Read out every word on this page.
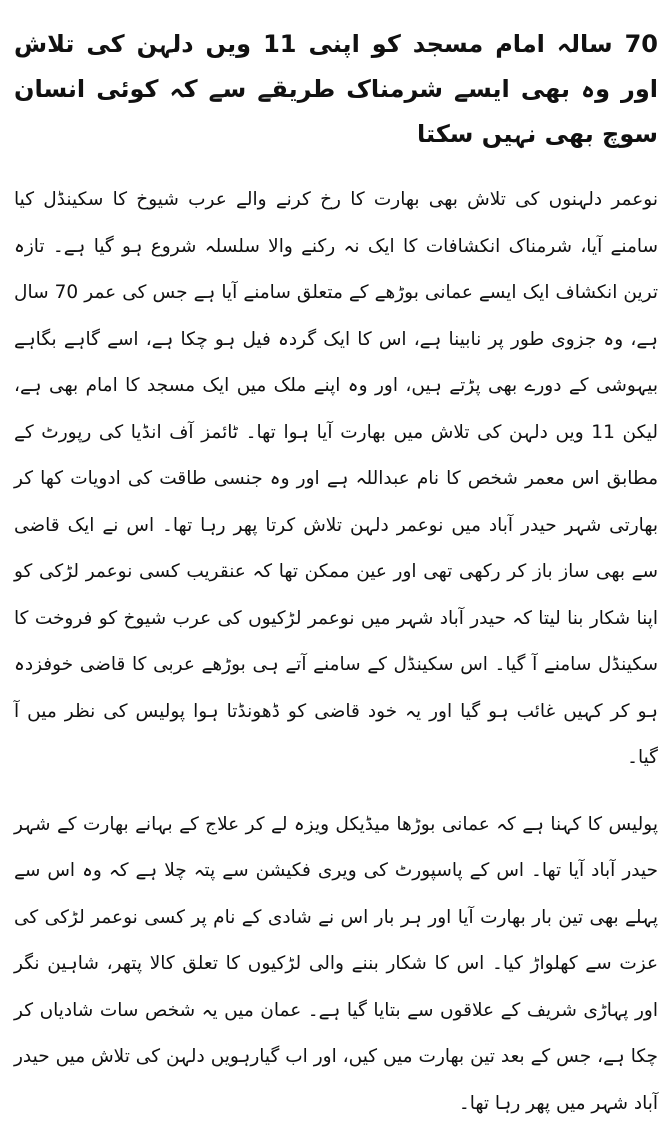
70 سالہ امام مسجد کو اپنی 11 ویں دلہن کی تلاش اور وہ بھی ایسے شرمناک طریقے سے کہ کوئی انسان سوچ بھی نہیں سکتا

نوعمر دلہنوں کی تلاش بھی بھارت کا رخ کرنے والے عرب شیوخ کا سکینڈل کیا سامنے آیا، شرمناک انکشافات کا ایک نہ رکنے والا سلسلہ شروع ہو گیا ہے۔ تازہ ترین انکشاف ایک ایسے عمانی بوڑھے کے متعلق سامنے آیا ہے جس کی عمر 70 سال ہے، وہ جزوی طور پر نابینا ہے، اس کا ایک گردہ فیل ہو چکا ہے، اسے گاہے بگاہے بیہوشی کے دورے بھی پڑتے ہیں، اور وہ اپنے ملک میں ایک مسجد کا امام بھی ہے، لیکن 11 ویں دلہن کی تلاش میں بھارت آیا ہوا تھا۔ ٹائمز آف انڈیا کی رپورٹ کے مطابق اس معمر شخص کا نام عبداللہ ہے اور وہ جنسی طاقت کی ادویات کھا کر بھارتی شہر حیدر آباد میں نوعمر دلہن تلاش کرتا پھر رہا تھا۔ اس نے ایک قاضی سے بھی ساز باز کر رکھی تھی اور عین ممکن تھا کہ عنقریب کسی نوعمر لڑکی کو اپنا شکار بنا لیتا کہ حیدر آباد شہر میں نوعمر لڑکیوں کی عرب شیوخ کو فروخت کا سکینڈل سامنے آ گیا۔ اس سکینڈل کے سامنے آتے ہی بوڑھے عربی کا قاضی خوفزدہ ہو کر کہیں غائب ہو گیا اور یہ خود قاضی کو ڈھونڈتا ہوا پولیس کی نظر میں آ گیا۔

پولیس کا کہنا ہے کہ عمانی بوڑھا میڈیکل ویزہ لے کر علاج کے بہانے بھارت کے شہر حیدر آباد آیا تھا۔ اس کے پاسپورٹ کی ویری فکیشن سے پتہ چلا ہے کہ وہ اس سے پہلے بھی تین بار بھارت آیا اور ہر بار اس نے شادی کے نام پر کسی نوعمر لڑکی کی عزت سے کھلواڑ کیا۔ اس کا شکار بننے والی لڑکیوں کا تعلق کالا پتھر، شاہین نگر اور پہاڑی شریف کے علاقوں سے بتایا گیا ہے۔ عمان میں یہ شخص سات شادیاں کر چکا ہے، جس کے بعد تین بھارت میں کیں، اور اب گیارہویں دلہن کی تلاش میں حیدر آباد شہر میں پھر رہا تھا۔
